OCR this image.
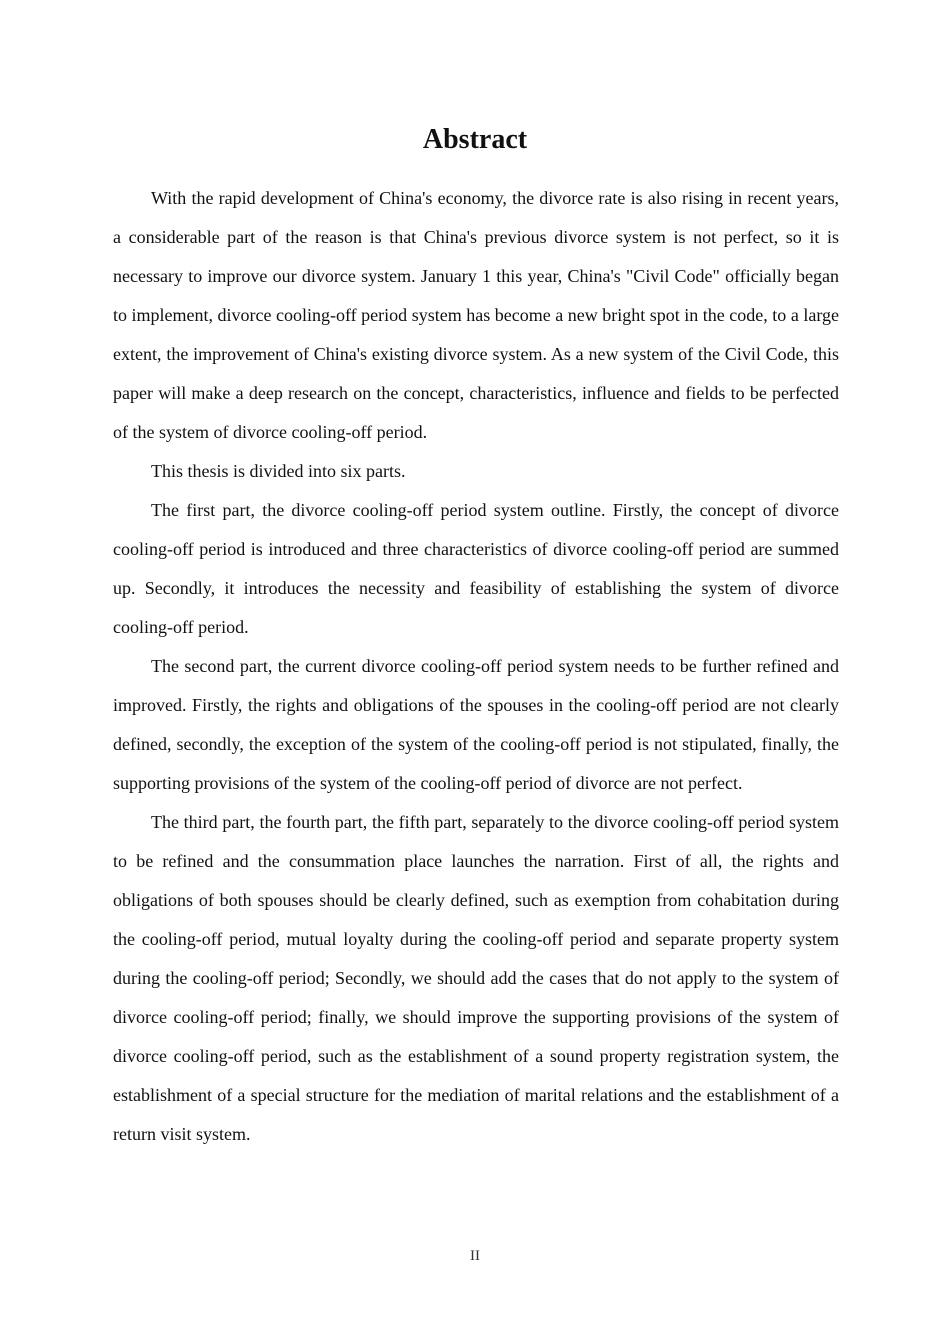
Abstract

With the rapid development of China's economy, the divorce rate is also rising in recent years, a considerable part of the reason is that China's previous divorce system is not perfect, so it is necessary to improve our divorce system. January 1 this year, China's "Civil Code" officially began to implement, divorce cooling-off period system has become a new bright spot in the code, to a large extent, the improvement of China's existing divorce system. As a new system of the Civil Code, this paper will make a deep research on the concept, characteristics, influence and fields to be perfected of the system of divorce cooling-off period.

This thesis is divided into six parts.

The first part, the divorce cooling-off period system outline. Firstly, the concept of divorce cooling-off period is introduced and three characteristics of divorce cooling-off period are summed up. Secondly, it introduces the necessity and feasibility of establishing the system of divorce cooling-off period.

The second part, the current divorce cooling-off period system needs to be further refined and improved. Firstly, the rights and obligations of the spouses in the cooling-off period are not clearly defined, secondly, the exception of the system of the cooling-off period is not stipulated, finally, the supporting provisions of the system of the cooling-off period of divorce are not perfect.

The third part, the fourth part, the fifth part, separately to the divorce cooling-off period system to be refined and the consummation place launches the narration. First of all, the rights and obligations of both spouses should be clearly defined, such as exemption from cohabitation during the cooling-off period, mutual loyalty during the cooling-off period and separate property system during the cooling-off period; Secondly, we should add the cases that do not apply to the system of divorce cooling-off period; finally, we should improve the supporting provisions of the system of divorce cooling-off period, such as the establishment of a sound property registration system, the establishment of a special structure for the mediation of marital relations and the establishment of a return visit system.

II
